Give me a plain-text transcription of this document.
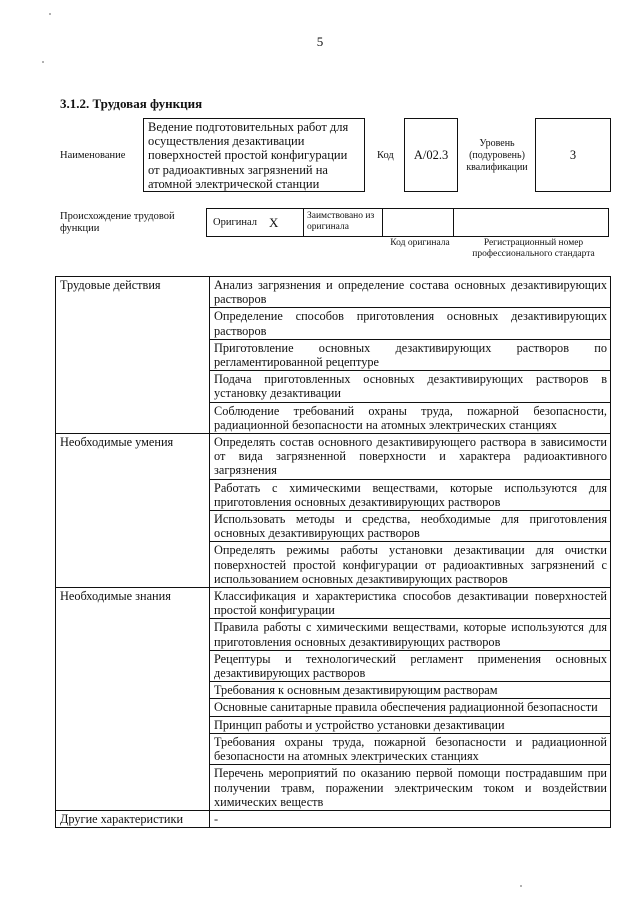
5
3.1.2. Трудовая функция
Наименование
Ведение подготовительных работ для осуществления дезактивации поверхностей простой конфигурации от радиоактивных загрязнений на атомной электрической станции
Код	А/02.3
Уровень (подуровень) квалификации
3
Происхождение трудовой функции
Оригинал X	Заимствовано из оригинала
Код оригинала	Регистрационный номер профессионального стандарта
Трудовые действия	Анализ загрязнения и определение состава основных дезактивирующих растворов
	Определение способов приготовления основных дезактивирующих растворов
	Приготовление основных дезактивирующих растворов по регламентированной рецептуре
	Подача приготовленных основных дезактивирующих растворов в установку дезактивации
	Соблюдение требований охраны труда, пожарной безопасности, радиационной безопасности на атомных электрических станциях
Необходимые умения	Определять состав основного дезактивирующего раствора в зависимости от вида загрязненной поверхности и характера радиоактивного загрязнения
	Работать с химическими веществами, которые используются для приготовления основных дезактивирующих растворов
	Использовать методы и средства, необходимые для приготовления основных дезактивирующих растворов
	Определять режимы работы установки дезактивации для очистки поверхностей простой конфигурации от радиоактивных загрязнений с использованием основных дезактивирующих растворов
Необходимые знания	Классификация и характеристика способов дезактивации поверхностей простой конфигурации
	Правила работы с химическими веществами, которые используются для приготовления основных дезактивирующих растворов
	Рецептуры и технологический регламент применения основных дезактивирующих растворов
	Требования к основным дезактивирующим растворам
	Основные санитарные правила обеспечения радиационной безопасности
	Принцип работы и устройство установки дезактивации
	Требования охраны труда, пожарной безопасности и радиационной безопасности на атомных электрических станциях
	Перечень мероприятий по оказанию первой помощи пострадавшим при получении травм, поражении электрическим током и воздействии химических веществ
Другие характеристики	-
